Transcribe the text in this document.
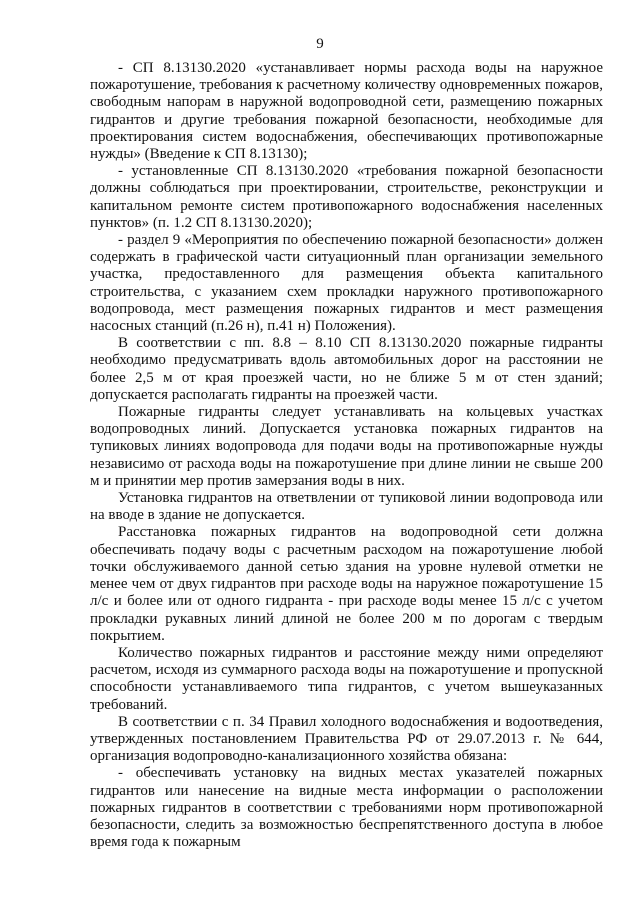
9

- СП 8.13130.2020 «устанавливает нормы расхода воды на наружное пожаротушение, требования к расчетному количеству одновременных пожаров, свободным напорам в наружной водопроводной сети, размещению пожарных гидрантов и другие требования пожарной безопасности, необходимые для проектирования систем водоснабжения, обеспечивающих противопожарные нужды» (Введение к СП 8.13130);

- установленные СП 8.13130.2020 «требования пожарной безопасности должны соблюдаться при проектировании, строительстве, реконструкции и капитальном ремонте систем противопожарного водоснабжения населенных пунктов» (п. 1.2 СП 8.13130.2020);

- раздел 9 «Мероприятия по обеспечению пожарной безопасности» должен содержать в графической части ситуационный план организации земельного участка, предоставленного для размещения объекта капитального строительства, с указанием схем прокладки наружного противопожарного водопровода, мест размещения пожарных гидрантов и мест размещения насосных станций (п.26 н), п.41 н) Положения).

В соответствии с пп. 8.8 – 8.10 СП 8.13130.2020 пожарные гидранты необходимо предусматривать вдоль автомобильных дорог на расстоянии не более 2,5 м от края проезжей части, но не ближе 5 м от стен зданий; допускается располагать гидранты на проезжей части.

Пожарные гидранты следует устанавливать на кольцевых участках водопроводных линий. Допускается установка пожарных гидрантов на тупиковых линиях водопровода для подачи воды на противопожарные нужды независимо от расхода воды на пожаротушение при длине линии не свыше 200 м и принятии мер против замерзания воды в них.

Установка гидрантов на ответвлении от тупиковой линии водопровода или на вводе в здание не допускается.

Расстановка пожарных гидрантов на водопроводной сети должна обеспечивать подачу воды с расчетным расходом на пожаротушение любой точки обслуживаемого данной сетью здания на уровне нулевой отметки не менее чем от двух гидрантов при расходе воды на наружное пожаротушение 15 л/с и более или от одного гидранта - при расходе воды менее 15 л/с с учетом прокладки рукавных линий длиной не более 200 м по дорогам с твердым покрытием.

Количество пожарных гидрантов и расстояние между ними определяют расчетом, исходя из суммарного расхода воды на пожаротушение и пропускной способности устанавливаемого типа гидрантов, с учетом вышеуказанных требований.

В соответствии с п. 34 Правил холодного водоснабжения и водоотведения, утвержденных постановлением Правительства РФ от 29.07.2013 г. № 644, организация водопроводно-канализационного хозяйства обязана:

- обеспечивать установку на видных местах указателей пожарных гидрантов или нанесение на видные места информации о расположении пожарных гидрантов в соответствии с требованиями норм противопожарной безопасности, следить за возможностью беспрепятственного доступа в любое время года к пожарным
